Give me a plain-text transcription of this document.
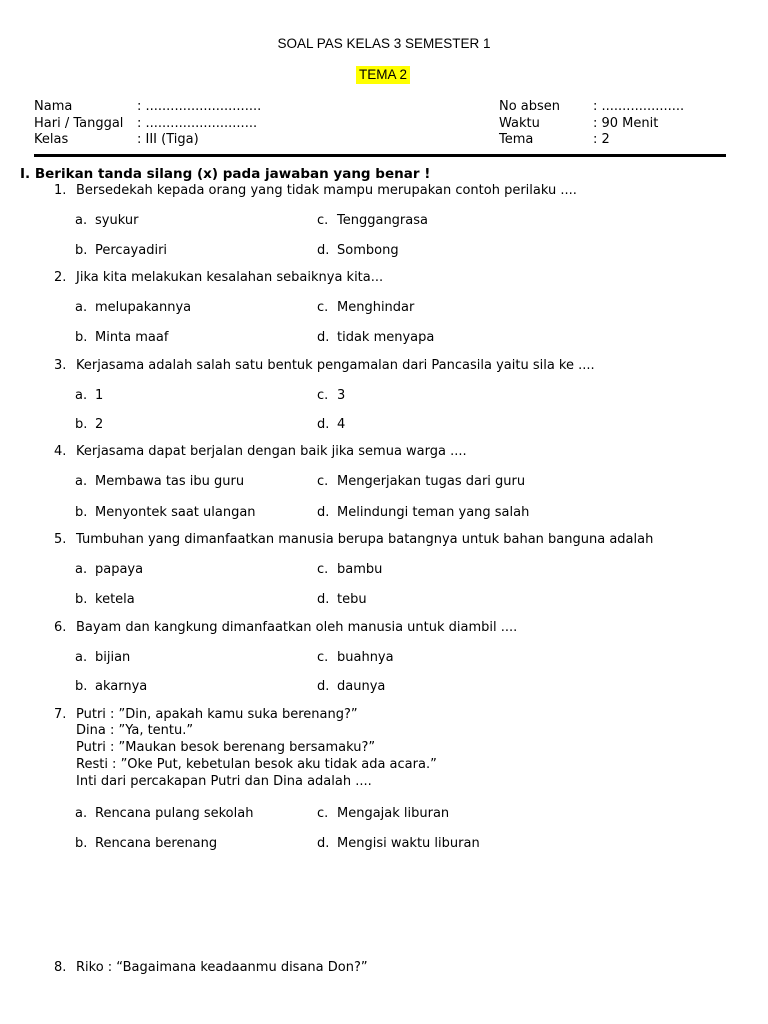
SOAL PAS KELAS 3 SEMESTER 1
TEMA 2
Nama	: ............................
Hari / Tanggal : ...........................
Kelas	: III (Tiga)
No absen	: ....................
Waktu	: 90 Menit
Tema	: 2
I. Berikan tanda silang (x) pada jawaban yang benar !
1. Bersedekah kepada orang yang tidak mampu merupakan contoh perilaku ....
a. syukur	c. Tenggangrasa
b. Percayadiri	d. Sombong
2. Jika kita melakukan kesalahan sebaiknya kita...
a. melupakannya	c. Menghindar
b. Minta maaf	d. tidak menyapa
3. Kerjasama adalah salah satu bentuk pengamalan dari Pancasila yaitu sila ke ....
a. 1	c. 3
b. 2	d. 4
4. Kerjasama dapat berjalan dengan baik jika semua warga ....
a. Membawa tas ibu guru	c. Mengerjakan tugas dari guru
b. Menyontek saat ulangan	d. Melindungi teman yang salah
5. Tumbuhan yang dimanfaatkan manusia berupa batangnya untuk bahan banguna adalah
a. papaya	c. bambu
b. ketela	d. tebu
6. Bayam dan kangkung dimanfaatkan oleh manusia untuk diambil ....
a. bijian	c. buahnya
b. akarnya	d. daunya
7. Putri : ”Din, apakah kamu suka berenang?”
Dina : ”Ya, tentu.”
Putri : ”Maukan besok berenang bersamaku?”
Resti : ”Oke Put, kebetulan besok aku tidak ada acara.”
Inti dari percakapan Putri dan Dina adalah ....
a. Rencana pulang sekolah	c. Mengajak liburan
b. Rencana berenang	d. Mengisi waktu liburan
8. Riko : “Bagaimana keadaanmu disana Don?”
